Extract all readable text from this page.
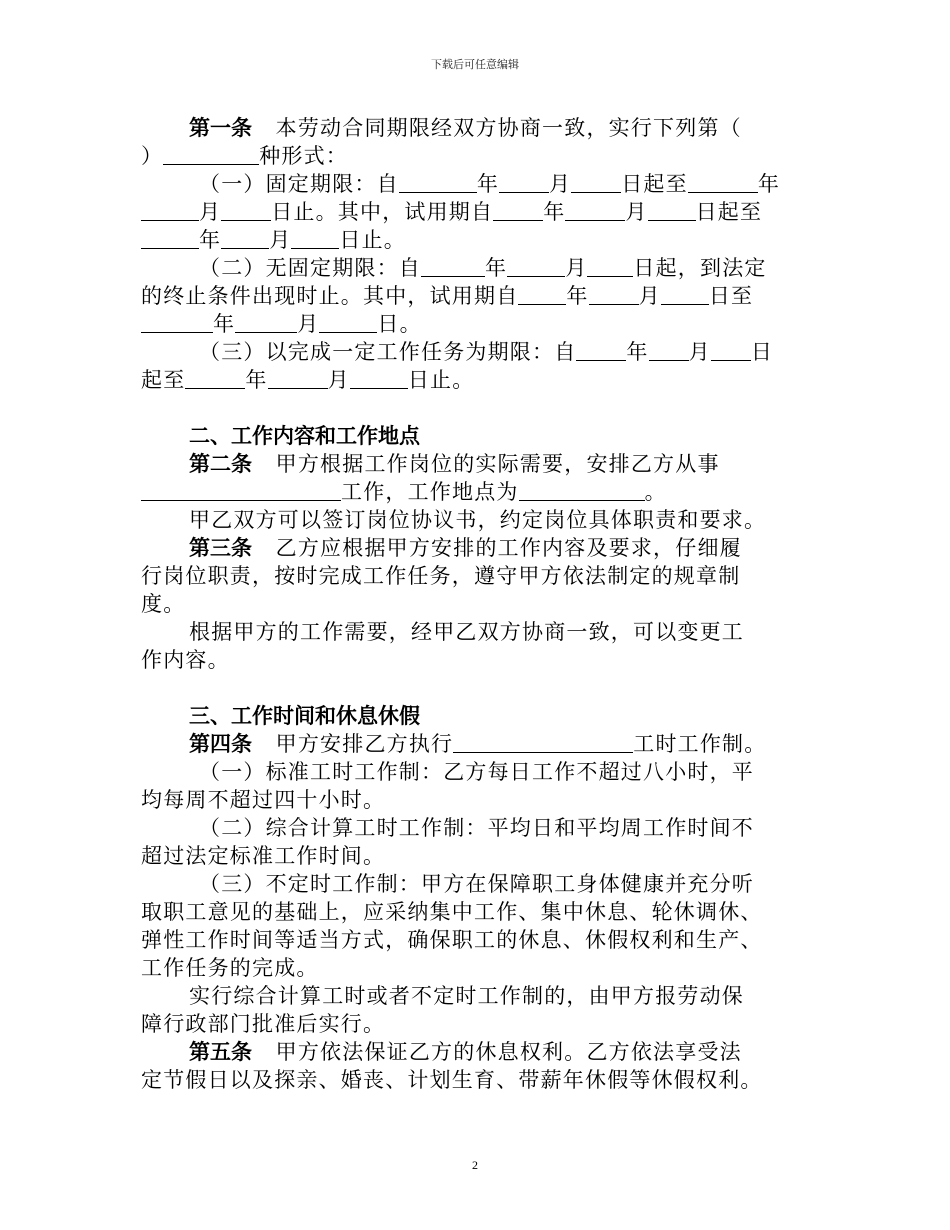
下载后可任意编辑
第一条 本劳动合同期限经双方协商一致，实行下列第（
）	种形式：
（一）固定期限：自	年 月 日起至	年
月 日止。其中，试用期自 年	月 日起至
年 月 日止。
（二）无固定期限：自	年	月 日起，到法定
的终止条件出现时止。其中，试用期自 年 月 日至
年	月	日。
（三）以完成一定工作任务为期限：自 年 月 日
起至	年	月	日止。
二、工作内容和工作地点
第二条 甲方根据工作岗位的实际需要，安排乙方从事
工作，工作地点为	。
甲乙双方可以签订岗位协议书，约定岗位具体职责和要求。
第三条 乙方应根据甲方安排的工作内容及要求，仔细履
行岗位职责，按时完成工作任务，遵守甲方依法制定的规章制
度。
根据甲方的工作需要，经甲乙双方协商一致，可以变更工
作内容。
三、工作时间和休息休假
第四条 甲方安排乙方执行	工时工作制。
（一）标准工时工作制：乙方每日工作不超过八小时，平
均每周不超过四十小时。
（二）综合计算工时工作制：平均日和平均周工作时间不
超过法定标准工作时间。
（三）不定时工作制：甲方在保障职工身体健康并充分听
取职工意见的基础上，应采纳集中工作、集中休息、轮休调休、
弹性工作时间等适当方式，确保职工的休息、休假权利和生产、
工作任务的完成。
实行综合计算工时或者不定时工作制的，由甲方报劳动保
障行政部门批准后实行。
第五条 甲方依法保证乙方的休息权利。乙方依法享受法
定节假日以及探亲、婚丧、计划生育、带薪年休假等休假权利。
2
